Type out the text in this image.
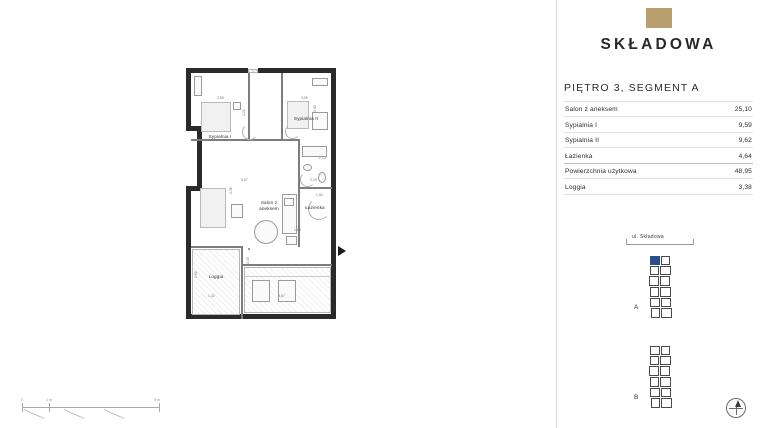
Sypialnia I
Sypialnia II
Salon z
aneksem	Łazienka
Loggia
2,85
3,22
3,09
2,93
3,07
2,36
2,15
1,52
2,13
1,42	3,67
2,68
1,88
2,40
0	1 m	5 m
SKŁADOWA
PIĘTRO 3, SEGMENT A
Salon z aneksem	25,10
Sypialnia I	9,59
Sypialnia II	9,62
Łazienka	4,64
Powierzchnia użytkowa	48,95
Loggia	3,38
ul. Składowa
A
B
